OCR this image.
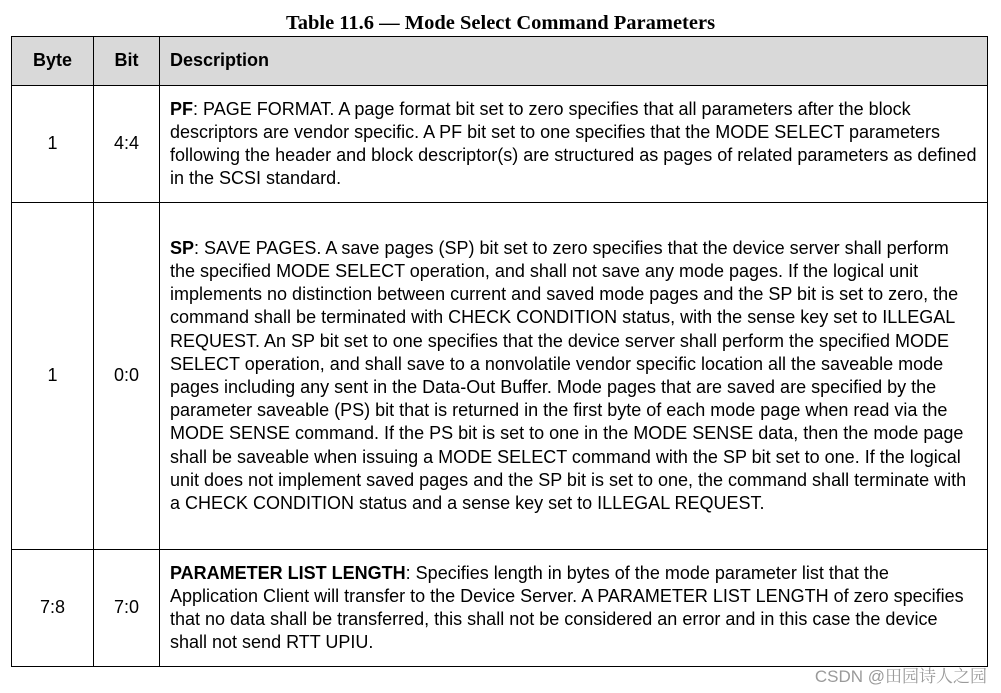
Table 11.6 — Mode Select Command Parameters
Byte	Bit	Description
1	4:4	PF: PAGE FORMAT. A page format bit set to zero specifies that all parameters after the block descriptors are vendor specific. A PF bit set to one specifies that the MODE SELECT parameters following the header and block descriptor(s) are structured as pages of related parameters as defined in the SCSI standard.
1	0:0	SP: SAVE PAGES. A save pages (SP) bit set to zero specifies that the device server shall perform the specified MODE SELECT operation, and shall not save any mode pages. If the logical unit implements no distinction between current and saved mode pages and the SP bit is set to zero, the command shall be terminated with CHECK CONDITION status, with the sense key set to ILLEGAL REQUEST. An SP bit set to one specifies that the device server shall perform the specified MODE SELECT operation, and shall save to a nonvolatile vendor specific location all the saveable mode pages including any sent in the Data-Out Buffer. Mode pages that are saved are specified by the parameter saveable (PS) bit that is returned in the first byte of each mode page when read via the MODE SENSE command. If the PS bit is set to one in the MODE SENSE data, then the mode page shall be saveable when issuing a MODE SELECT command with the SP bit set to one. If the logical unit does not implement saved pages and the SP bit is set to one, the command shall terminate with a CHECK CONDITION status and a sense key set to ILLEGAL REQUEST.
7:8	7:0	PARAMETER LIST LENGTH: Specifies length in bytes of the mode parameter list that the Application Client will transfer to the Device Server. A PARAMETER LIST LENGTH of zero specifies that no data shall be transferred, this shall not be considered an error and in this case the device shall not send RTT UPIU.
CSDN @田园诗人之园
